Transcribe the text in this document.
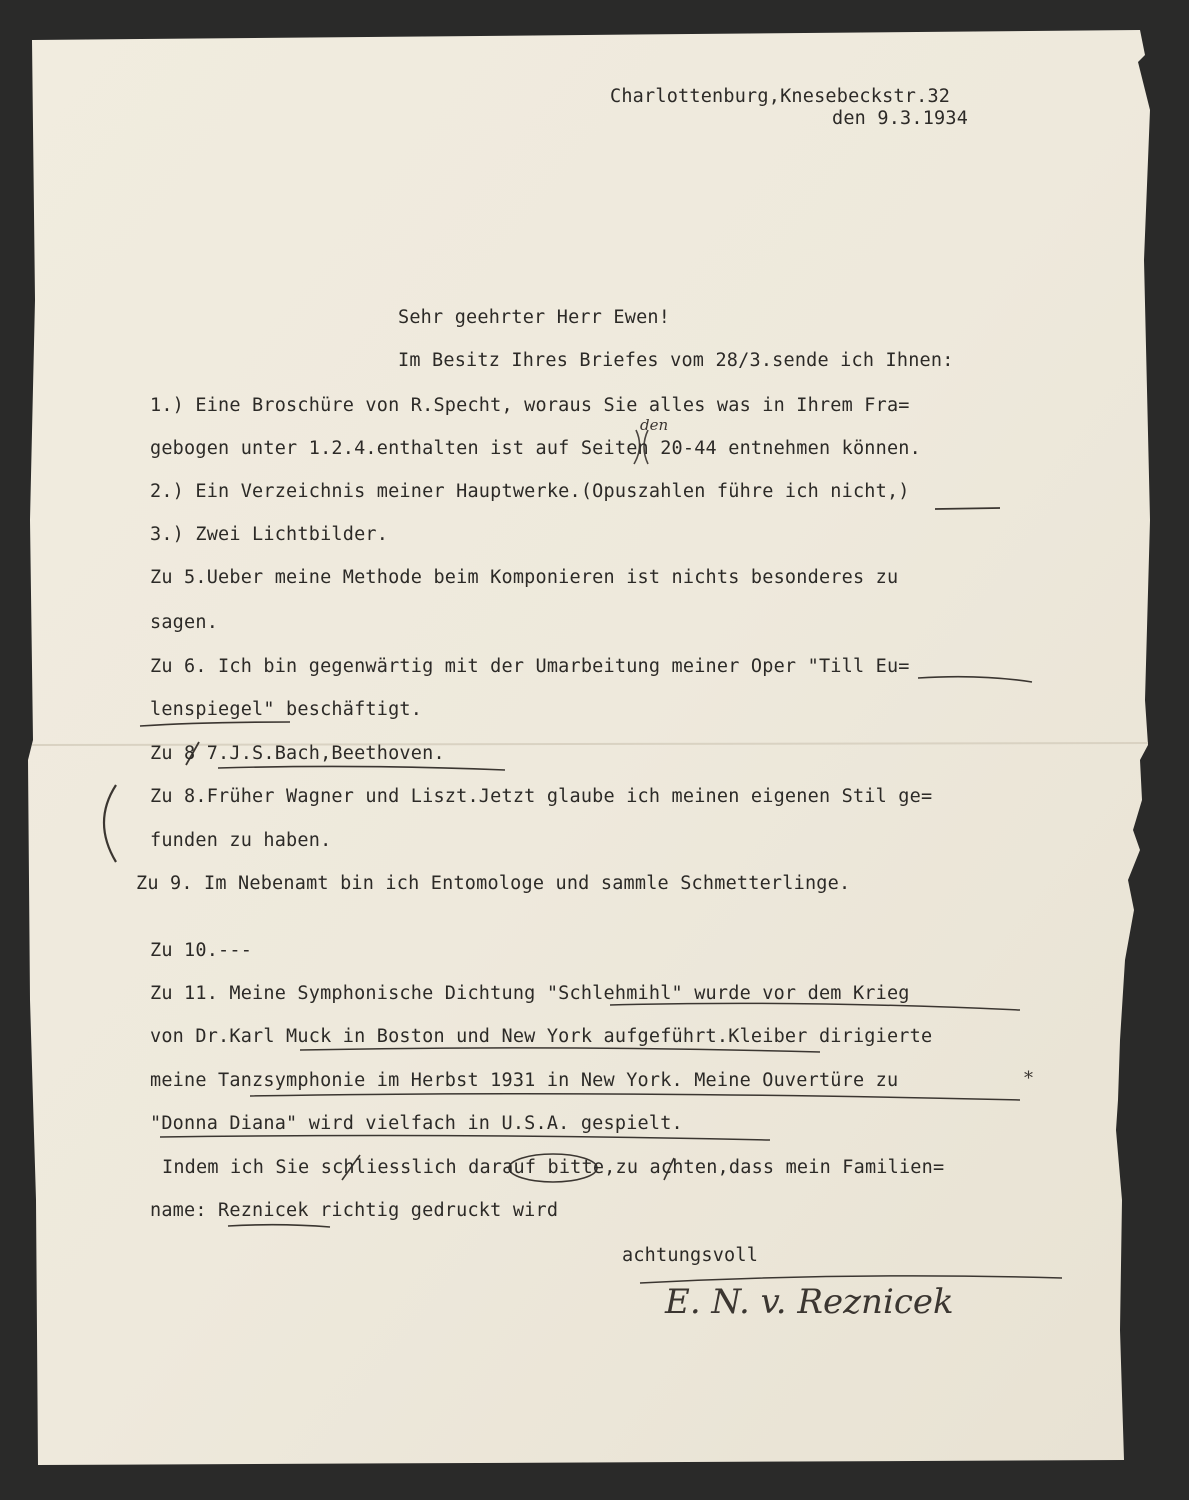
*
Charlottenburg,Knesebeckstr.32
den 9.3.1934
Sehr geehrter Herr Ewen!
Im Besitz Ihres Briefes vom 28/3.sende ich Ihnen:
1.) Eine Broschüre von R.Specht, woraus Sie alles was in Ihrem Fra=
den
gebogen unter 1.2.4.enthalten ist auf Seiten 20-44 entnehmen können.
2.) Ein Verzeichnis meiner Hauptwerke.(Opuszahlen führe ich nicht,)
3.) Zwei Lichtbilder.
Zu 5.Ueber meine Methode beim Komponieren ist nichts besonderes zu
sagen.
Zu 6. Ich bin gegenwärtig mit der Umarbeitung meiner Oper "Till Eu=
lenspiegel" beschäftigt.
Zu 8 7.J.S.Bach,Beethoven.
Zu 8.Früher Wagner und Liszt.Jetzt glaube ich meinen eigenen Stil ge=
funden zu haben.
Zu 9. Im Nebenamt bin ich Entomologe und sammle Schmetterlinge.
Zu 10.---
Zu 11. Meine Symphonische Dichtung "Schlehmihl" wurde vor dem Krieg
von Dr.Karl Muck in Boston und New York aufgeführt.Kleiber dirigierte
meine Tanzsymphonie im Herbst 1931 in New York. Meine Ouvertüre zu
"Donna Diana" wird vielfach in U.S.A. gespielt.
Indem ich Sie schliesslich darauf bitte,zu achten,dass mein Familien=
name: Reznicek richtig gedruckt wird
achtungsvoll
E. N. v. Reznicek
